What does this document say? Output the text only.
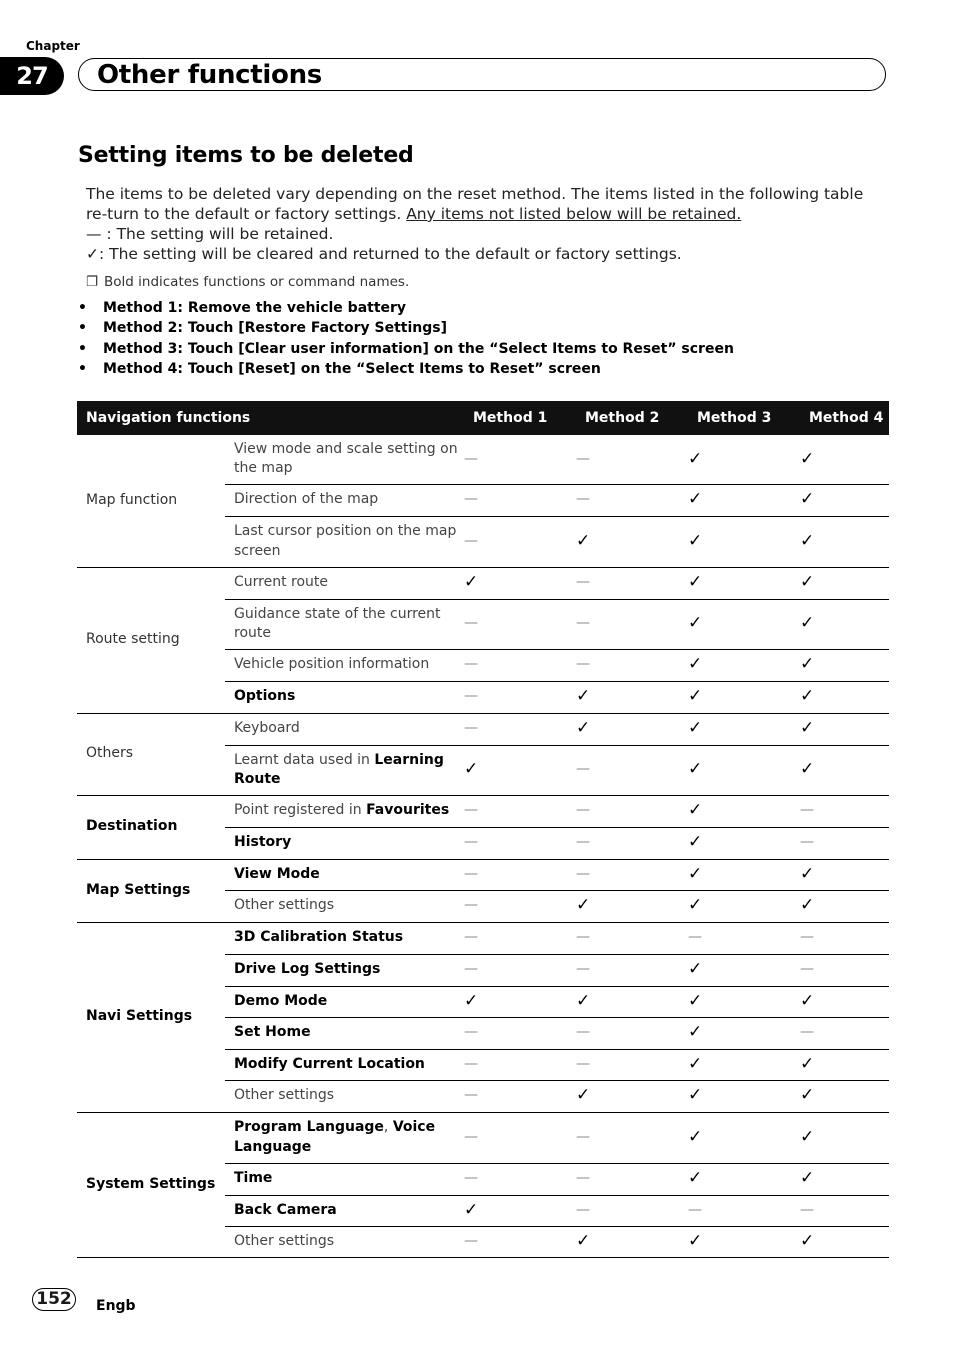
Chapter
27	Other functions
Setting items to be deleted

The items to be deleted vary depending on the reset method. The items listed in the following table re-turn to the default or factory settings. Any items not listed below will be retained.

— : The setting will be retained.

✓: The setting will be cleared and returned to the default or factory settings.

❐ Bold indicates functions or command names.
• Method 1: Remove the vehicle battery
• Method 2: Touch [Restore Factory Settings]
• Method 3: Touch [Clear user information] on the “Select Items to Reset” screen
• Method 4: Touch [Reset] on the “Select Items to Reset” screen
Navigation functions		Method 1	Method 2	Method 3	Method 4
Map function	View mode and scale setting on the map	—	—	✓	✓
	Direction of the map	—	—	✓	✓
	Last cursor position on the map screen	—	✓	✓	✓
Route setting	Current route	✓	—	✓	✓
	Guidance state of the current route	—	—	✓	✓
	Vehicle position information	—	—	✓	✓
	Options	—	✓	✓	✓
Others	Keyboard	—	✓	✓	✓
	Learnt data used in Learning Route	✓	—	✓	✓
Destination	Point registered in Favourites	—	—	✓	—
	History	—	—	✓	—
Map Settings	View Mode	—	—	✓	✓
	Other settings	—	✓	✓	✓
Navi Settings	3D Calibration Status	—	—	—	—
	Drive Log Settings	—	—	✓	—
	Demo Mode	✓	✓	✓	✓
	Set Home	—	—	✓	—
	Modify Current Location	—	—	✓	✓
	Other settings	—	✓	✓	✓
System Settings	Program Language, Voice Language	—	—	✓	✓
	Time	—	—	✓	✓
	Back Camera	✓	—	—	—
	Other settings	—	✓	✓	✓
152	Engb
